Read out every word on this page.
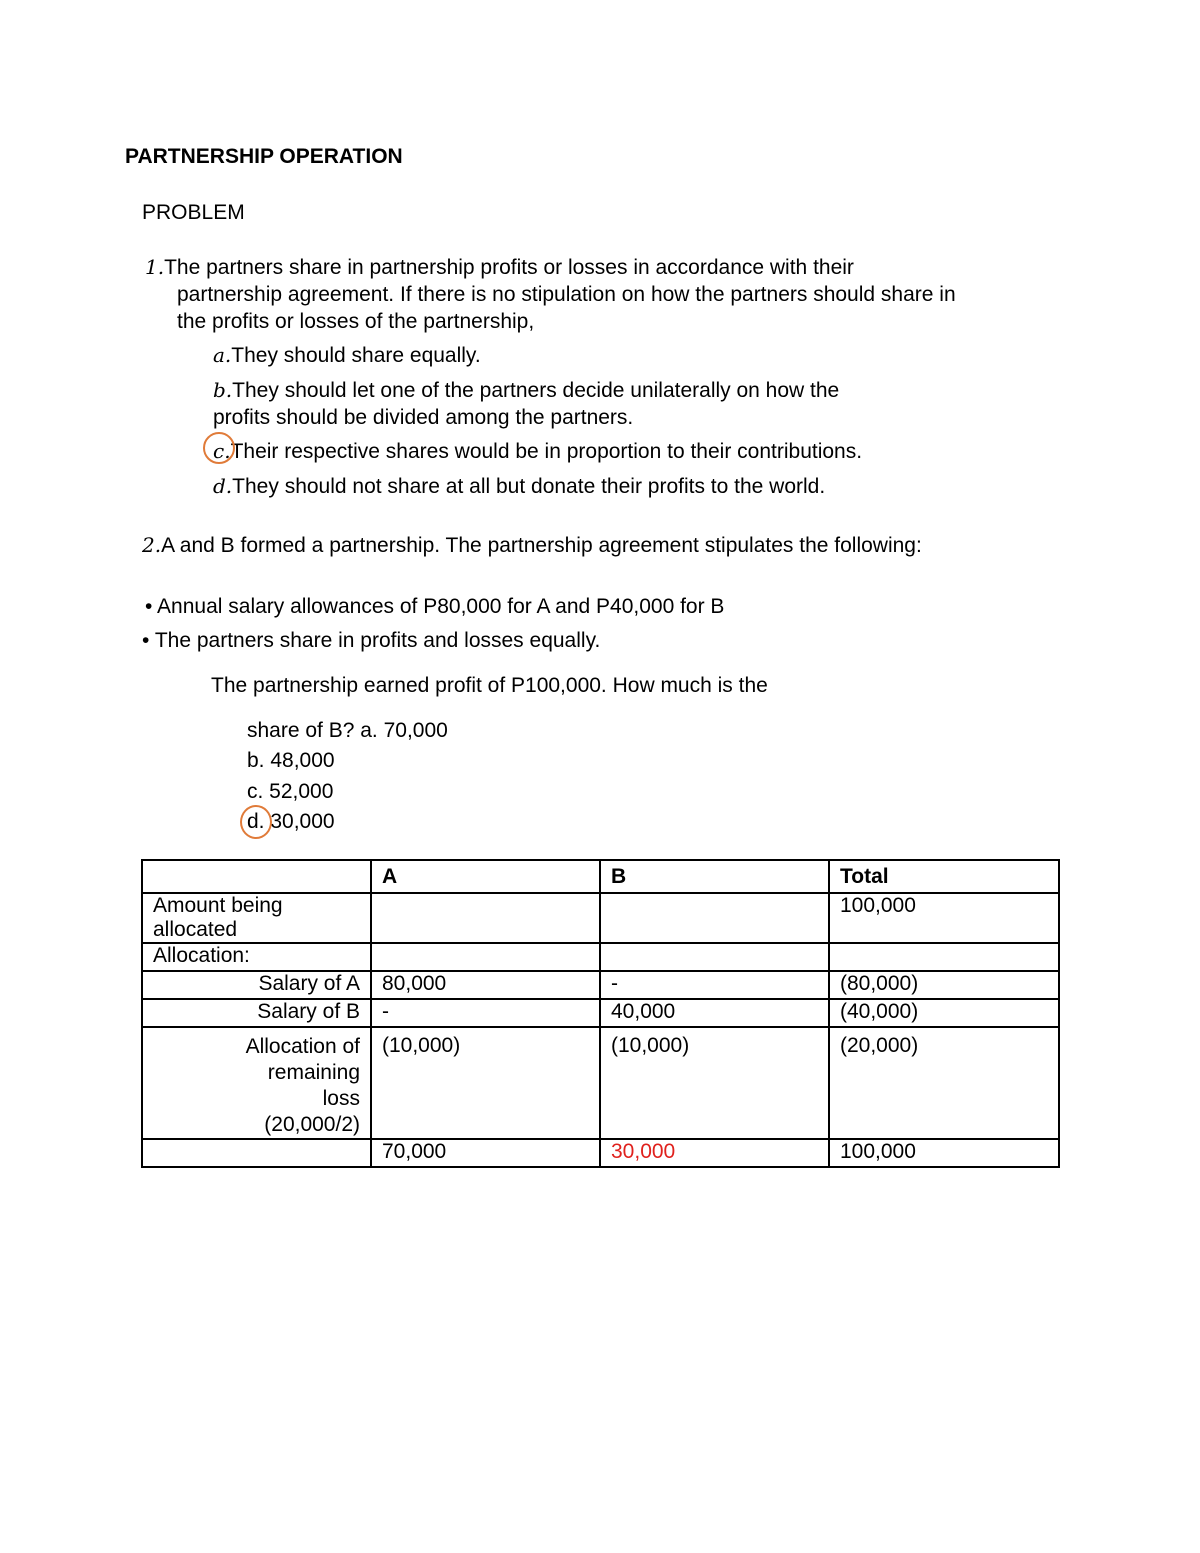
PARTNERSHIP OPERATION
PROBLEM
1.The partners share in partnership profits or losses in accordance with their
partnership agreement. If there is no stipulation on how the partners should share in
the profits or losses of the partnership,
a.They should share equally.
b.They should let one of the partners decide unilaterally on how the
profits should be divided among the partners.
c.Their respective shares would be in proportion to their contributions.
d.They should not share at all but donate their profits to the world.
2.A and B formed a partnership. The partnership agreement stipulates the following:
• Annual salary allowances of P80,000 for A and P40,000 for B
• The partners share in profits and losses equally.
The partnership earned profit of P100,000. How much is the
share of B? a. 70,000
b. 48,000
c. 52,000
d. 30,000
	A	B	Total

Amount being
allocated			100,000
Allocation:			
Salary of A	80,000	-	(80,000)
Salary of B	-	40,000	(40,000)

Allocation of
remaining
loss
(20,000/2)	(10,000)	(10,000)	(20,000)
	70,000	30,000	100,000
